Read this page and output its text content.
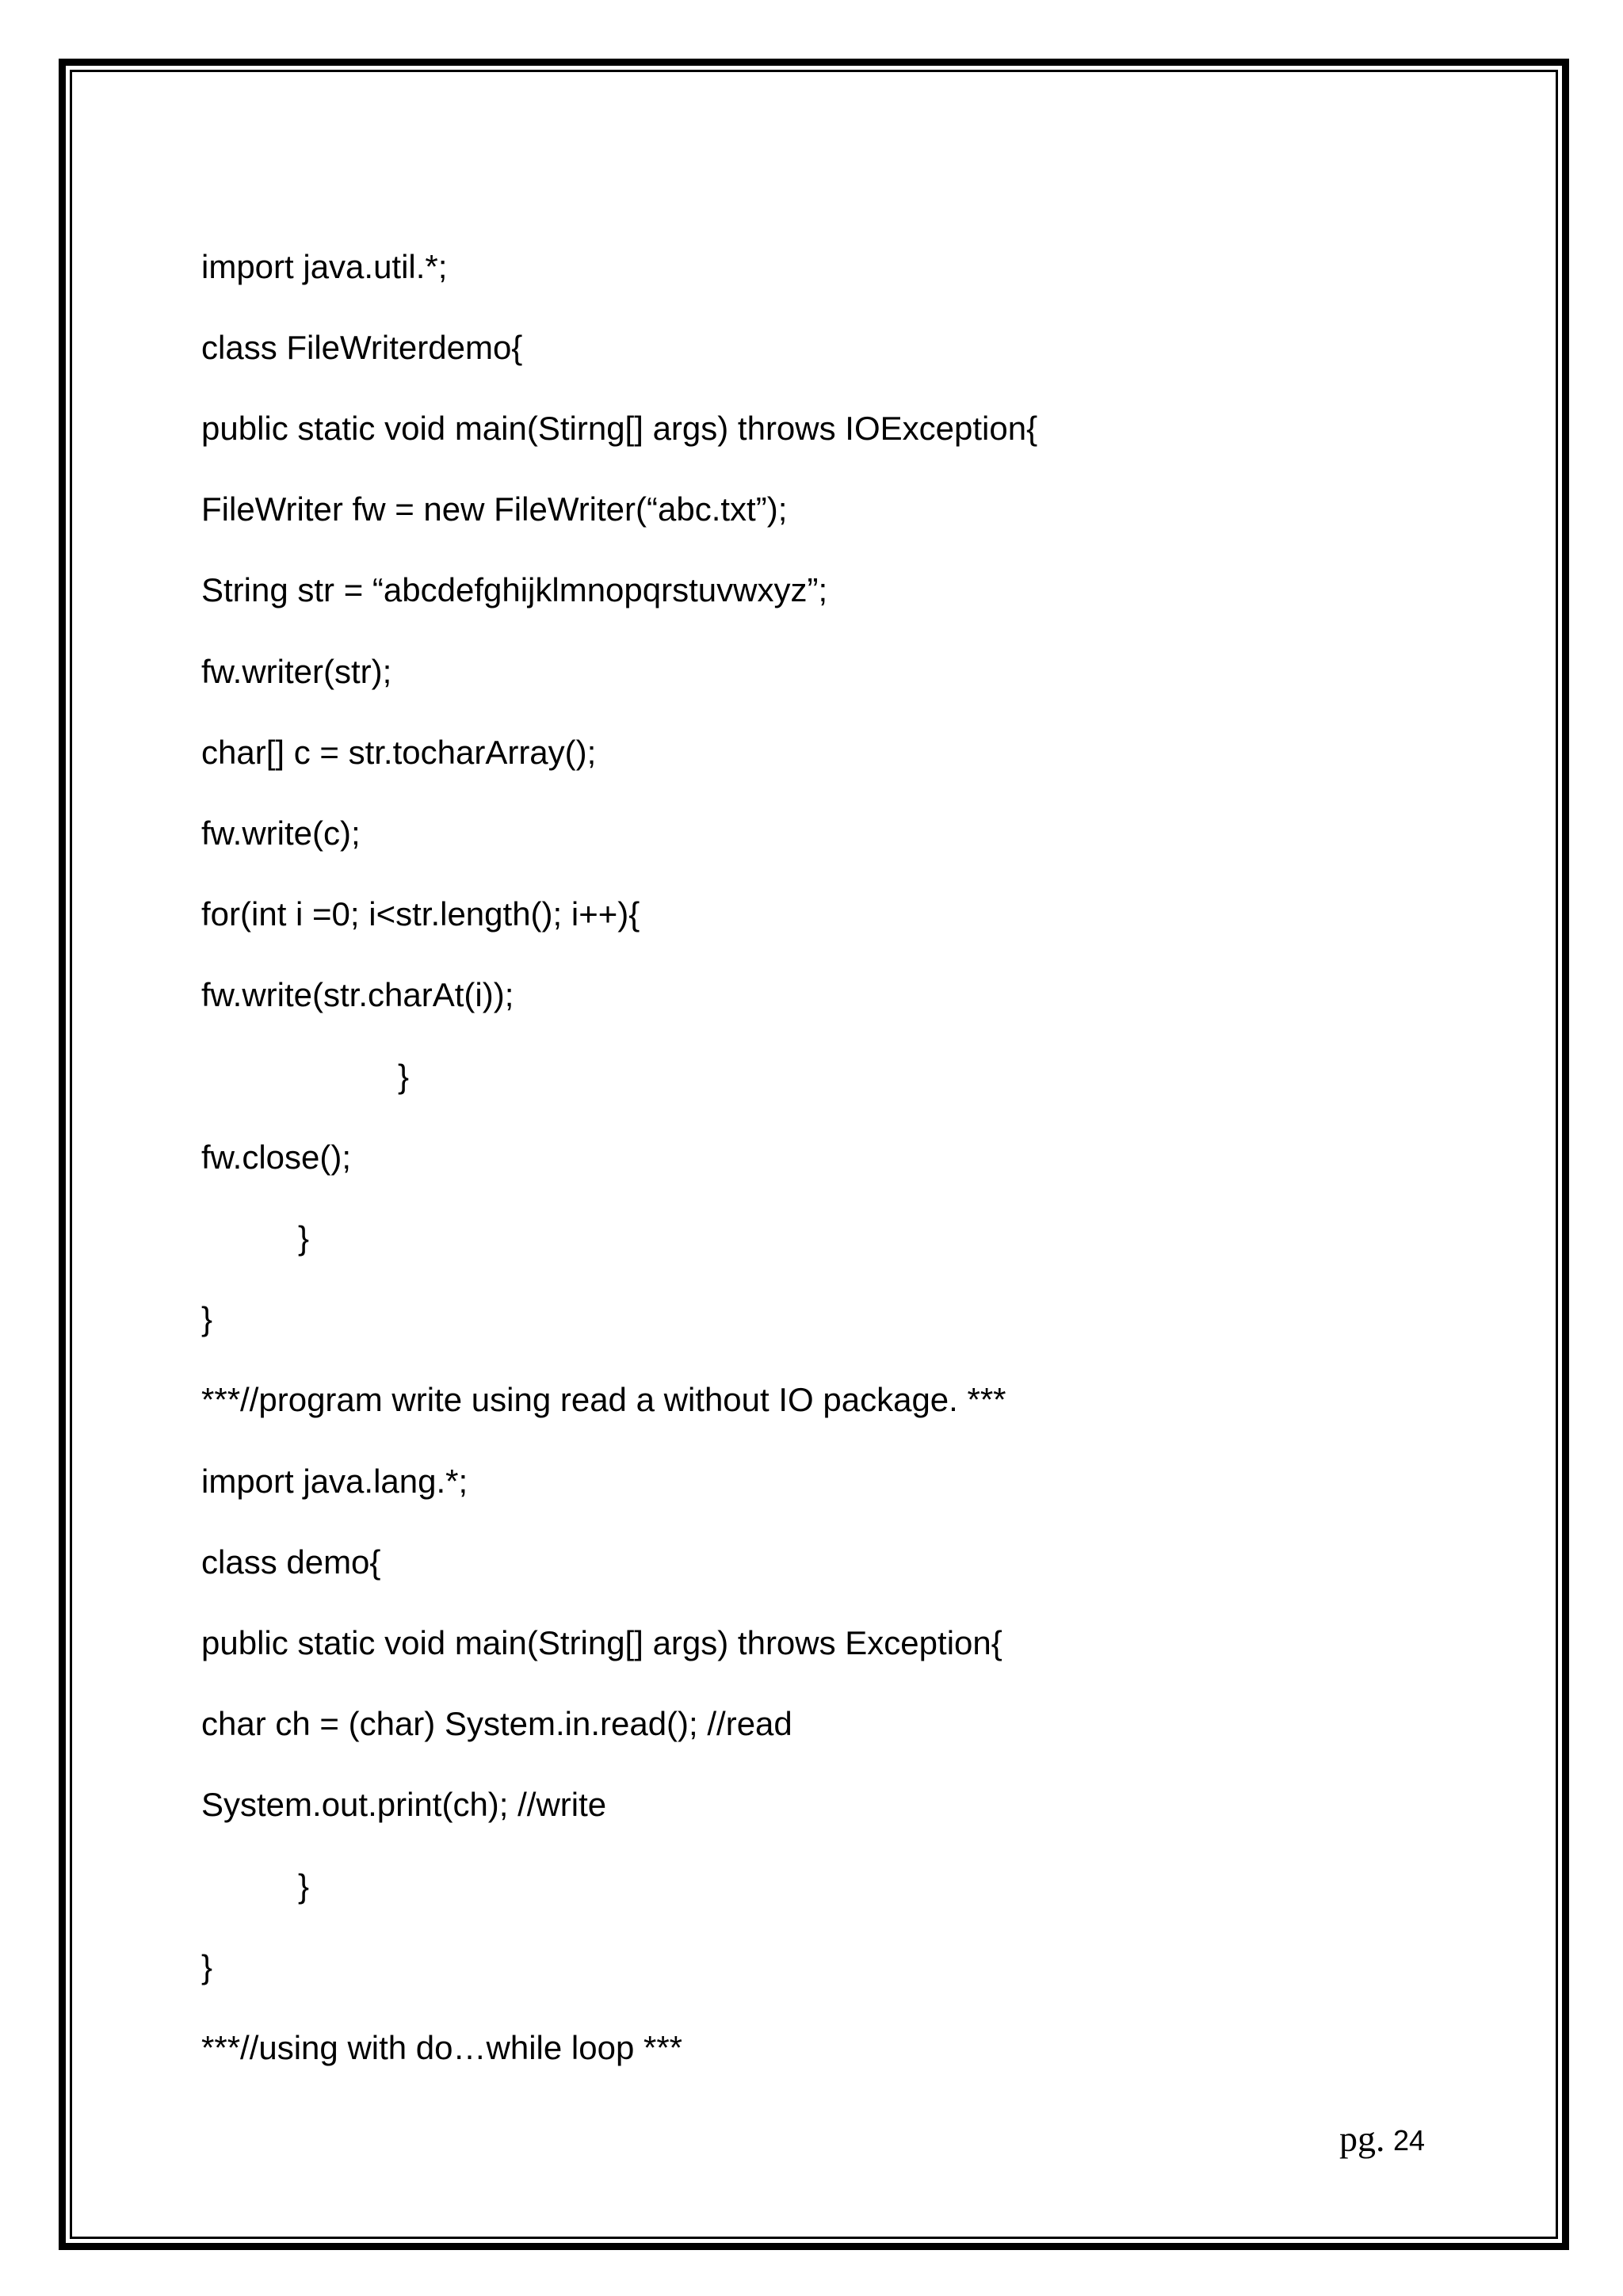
import java.util.*;
class FileWriterdemo{
public static void main(Stirng[] args) throws IOException{
FileWriter fw = new FileWriter(“abc.txt”);
String str = “abcdefghijklmnopqrstuvwxyz”;
fw.writer(str);
char[] c = str.tocharArray();
fw.write(c);
for(int i =0; i<str.length(); i++){
fw.write(str.charAt(i));
}
fw.close();
}
}
***//program write using read a without IO package. ***
import java.lang.*;
class demo{
public static void main(String[] args) throws Exception{
char ch = (char) System.in.read(); //read
System.out.print(ch); //write
}
}
***//using with do…while loop ***
pg. 24
